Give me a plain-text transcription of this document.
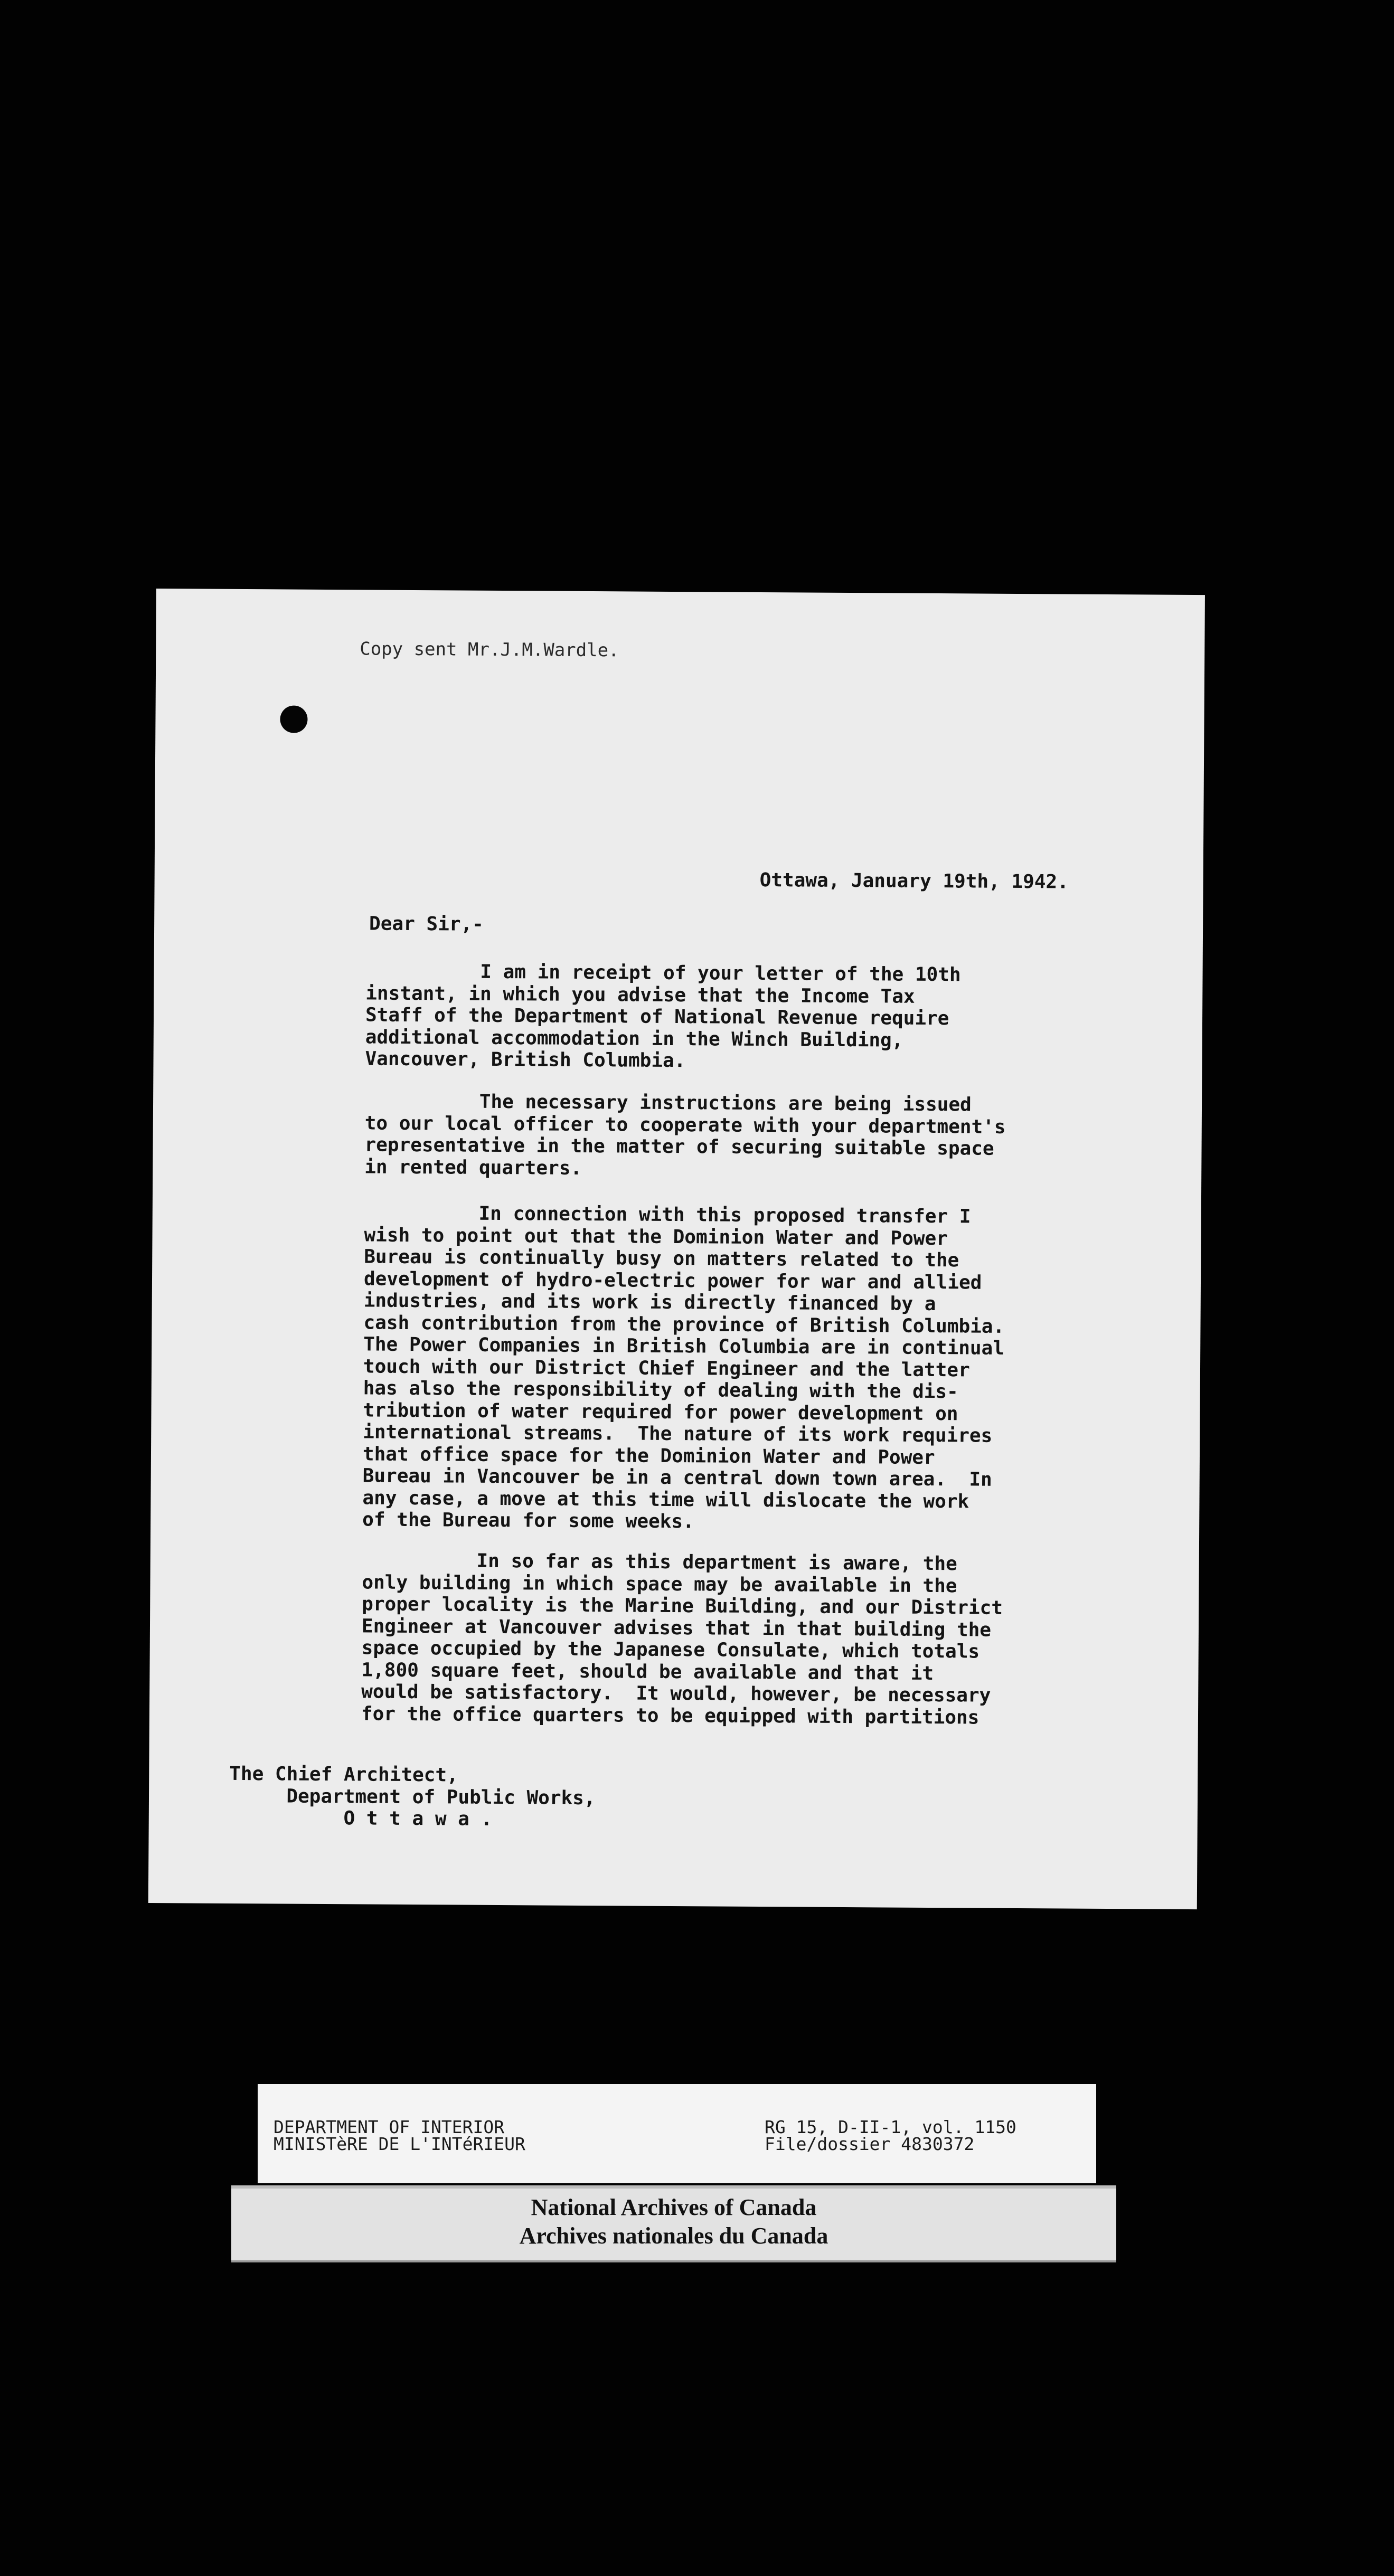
Copy sent Mr.J.M.Wardle.

Ottawa, January 19th, 1942.

Dear Sir,-

I am in receipt of your letter of the 10th
instant, in which you advise that the Income Tax
Staff of the Department of National Revenue require
additional accommodation in the Winch Building,
Vancouver, British Columbia.

The necessary instructions are being issued
to our local officer to cooperate with your department's
representative in the matter of securing suitable space
in rented quarters.

In connection with this proposed transfer I
wish to point out that the Dominion Water and Power
Bureau is continually busy on matters related to the
development of hydro-electric power for war and allied
industries, and its work is directly financed by a
cash contribution from the province of British Columbia.
The Power Companies in British Columbia are in continual
touch with our District Chief Engineer and the latter
has also the responsibility of dealing with the dis-
tribution of water required for power development on
international streams.  The nature of its work requires
that office space for the Dominion Water and Power
Bureau in Vancouver be in a central down town area.  In
any case, a move at this time will dislocate the work
of the Bureau for some weeks.

In so far as this department is aware, the
only building in which space may be available in the
proper locality is the Marine Building, and our District
Engineer at Vancouver advises that in that building the
space occupied by the Japanese Consulate, which totals
1,800 square feet, should be available and that it
would be satisfactory.  It would, however, be necessary
for the office quarters to be equipped with partitions

The Chief Architect,
Department of Public Works,
O t t a w a .

DEPARTMENT OF INTERIOR
MINISTèRE DE L'INTéRIEUR

RG 15, D-II-1, vol. 1150
File/dossier 4830372

National Archives of Canada
Archives nationales du Canada
